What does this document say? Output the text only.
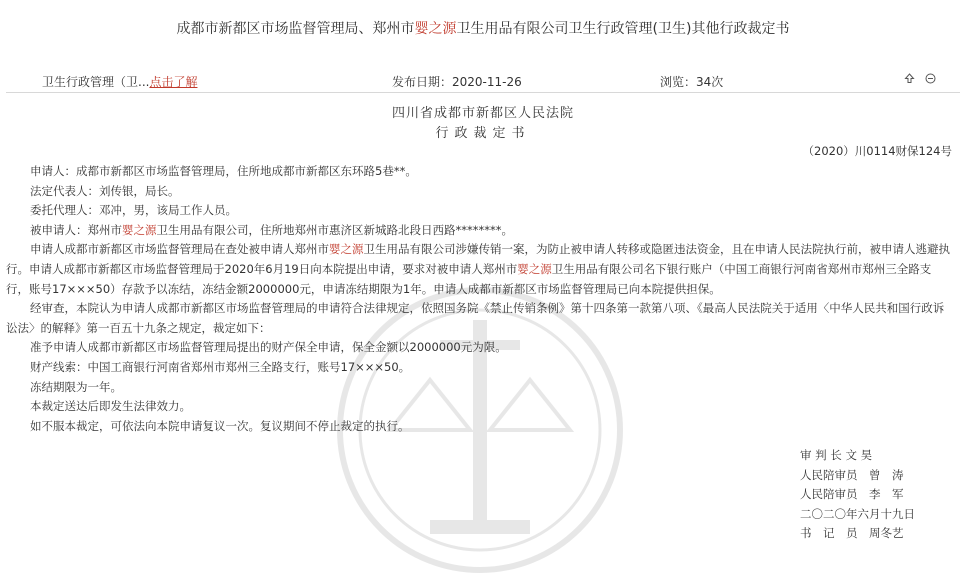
成都市新都区市场监督管理局、郑州市婴之源卫生用品有限公司卫生行政管理(卫生)其他行政裁定书
卫生行政管理（卫...点击了解	发布日期：2020-11-26	浏览：34次

四川省成都市新都区人民法院
行政裁定书
（2020）川0114财保124号

申请人：成都市新都区市场监督管理局，住所地成都市新都区东环路5巷**。

法定代表人：刘传银，局长。

委托代理人：邓冲，男，该局工作人员。

被申请人：郑州市婴之源卫生用品有限公司，住所地郑州市惠济区新城路北段日西路********。

申请人成都市新都区市场监督管理局在查处被申请人郑州市婴之源卫生用品有限公司涉嫌传销一案，为防止被申请人转移或隐匿违法资金，且在申请人民法院执行前，被申请人逃避执行。申请人成都市新都区市场监督管理局于2020年6月19日向本院提出申请，要求对被申请人郑州市婴之源卫生用品有限公司名下银行账户（中国工商银行河南省郑州市郑州三全路支行，账号17×××50）存款予以冻结，冻结金额2000000元，申请冻结期限为1年。申请人成都市新都区市场监督管理局已向本院提供担保。

经审查，本院认为申请人成都市新都区市场监督管理局的申请符合法律规定，依照国务院《禁止传销条例》第十四条第一款第八项、《最高人民法院关于适用〈中华人民共和国行政诉讼法〉的解释》第一百五十九条之规定，裁定如下：

准予申请人成都市新都区市场监督管理局提出的财产保全申请，保全金额以2000000元为限。

财产线索：中国工商银行河南省郑州市郑州三全路支行，账号17×××50。

冻结期限为一年。

本裁定送达后即发生法律效力。

如不服本裁定，可依法向本院申请复议一次。复议期间不停止裁定的执行。

审 判 长 文 昊
人民陪审员　曾　涛
人民陪审员　李　军
二〇二〇年六月十九日
书　记　员　周冬艺
